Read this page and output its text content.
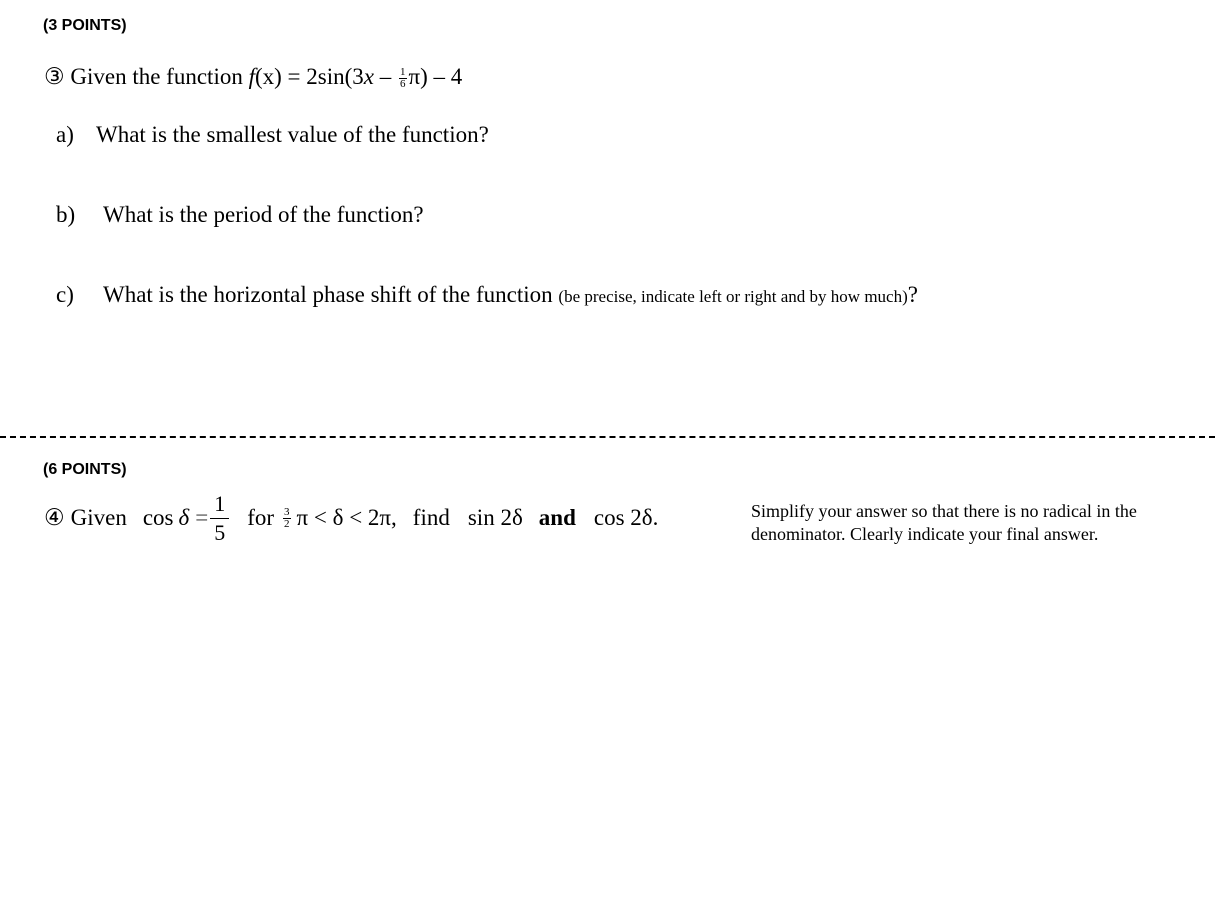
(3 POINTS)
③ Given the function $f(x) = 2\sin(3x - \frac{1}{6} \pi) - 4$
a) What is the smallest value of the function?
b) What is the period of the function?
c) What is the horizontal phase shift of the function (be precise, indicate left or right and by how much)?
(6 POINTS)
④ Given $\cos \delta = \frac{1}{5}$ for $\frac{3}{2}$ π < δ < 2π, find sin 2δ and cos 2δ.	Simplify your answer so that there is no radical in the
denominator. Clearly indicate your final answer.
